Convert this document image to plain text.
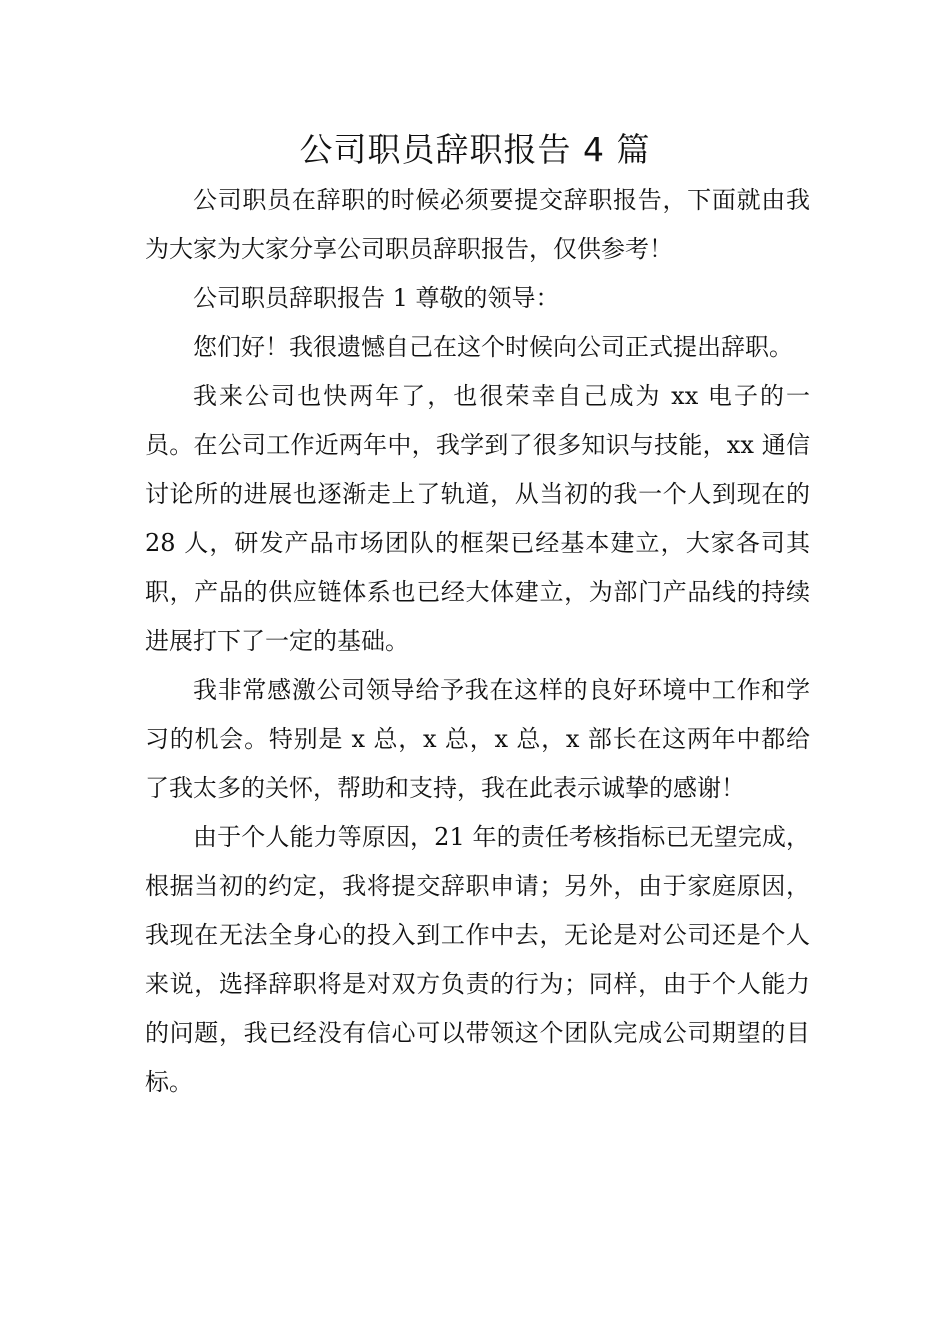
公司职员辞职报告 4 篇

公司职员在辞职的时候必须要提交辞职报告，下面就由我为大家为大家分享公司职员辞职报告，仅供参考！

公司职员辞职报告 1 尊敬的领导：

您们好！我很遗憾自己在这个时候向公司正式提出辞职。

我来公司也快两年了，也很荣幸自己成为 xx 电子的一员。在公司工作近两年中，我学到了很多知识与技能，xx 通信讨论所的进展也逐渐走上了轨道，从当初的我一个人到现在的 28 人，研发产品市场团队的框架已经基本建立，大家各司其职，产品的供应链体系也已经大体建立，为部门产品线的持续进展打下了一定的基础。

我非常感激公司领导给予我在这样的良好环境中工作和学习的机会。特别是 x 总，x 总，x 总，x 部长在这两年中都给了我太多的关怀，帮助和支持，我在此表示诚挚的感谢！

由于个人能力等原因，21 年的责任考核指标已无望完成，根据当初的约定，我将提交辞职申请；另外，由于家庭原因，我现在无法全身心的投入到工作中去，无论是对公司还是个人来说，选择辞职将是对双方负责的行为；同样，由于个人能力的问题，我已经没有信心可以带领这个团队完成公司期望的目标。
